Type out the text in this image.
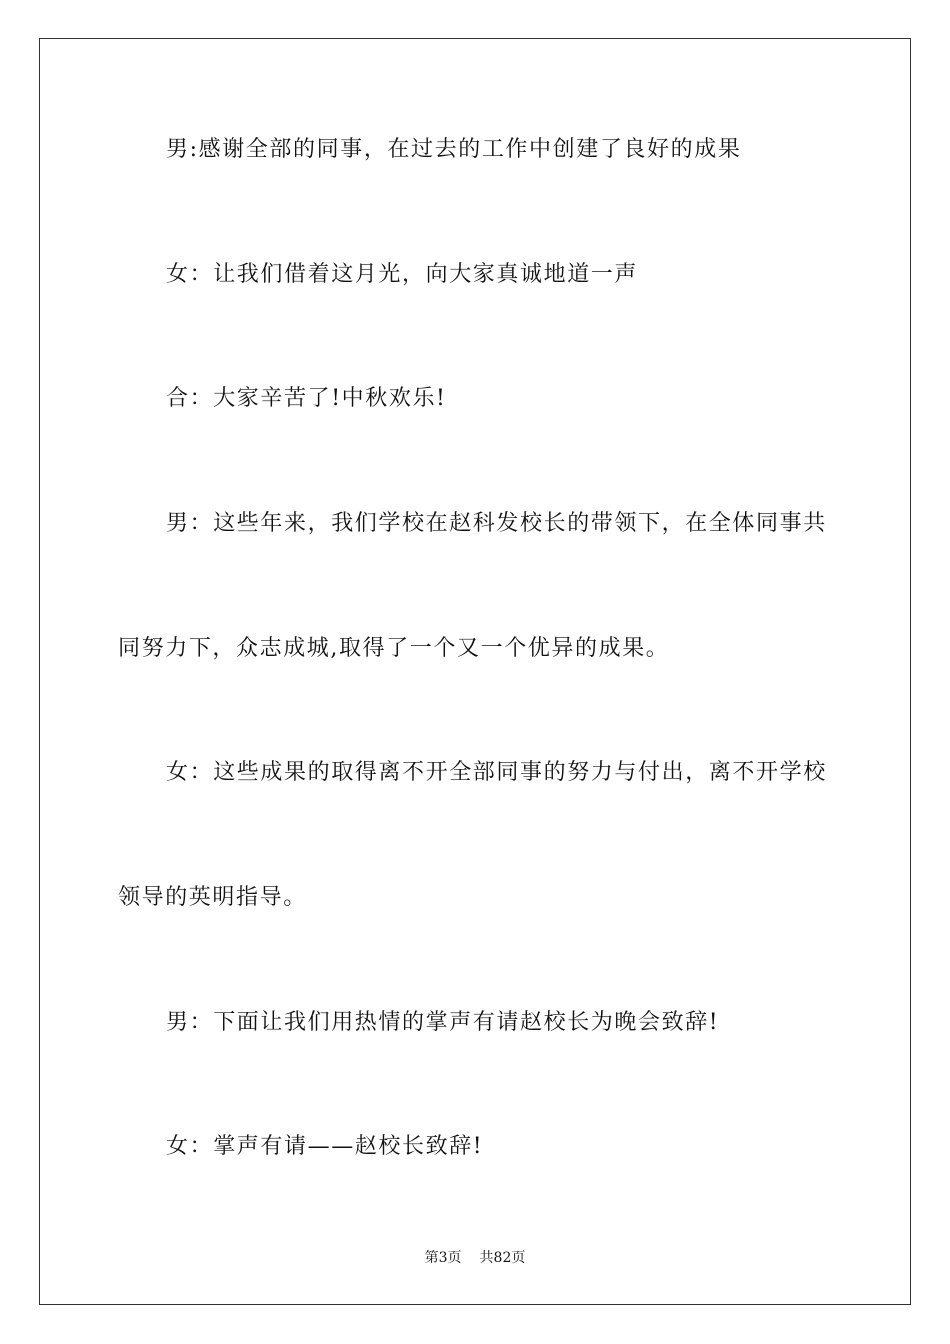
男:感谢全部的同事，在过去的工作中创建了良好的成果
女：让我们借着这月光，向大家真诚地道一声
合：大家辛苦了!中秋欢乐!
男：这些年来，我们学校在赵科发校长的带领下，在全体同事共
同努力下，众志成城,取得了一个又一个优异的成果。
女：这些成果的取得离不开全部同事的努力与付出，离不开学校
领导的英明指导。
男：下面让我们用热情的掌声有请赵校长为晚会致辞!
女：掌声有请——赵校长致辞!
第3页 共82页
